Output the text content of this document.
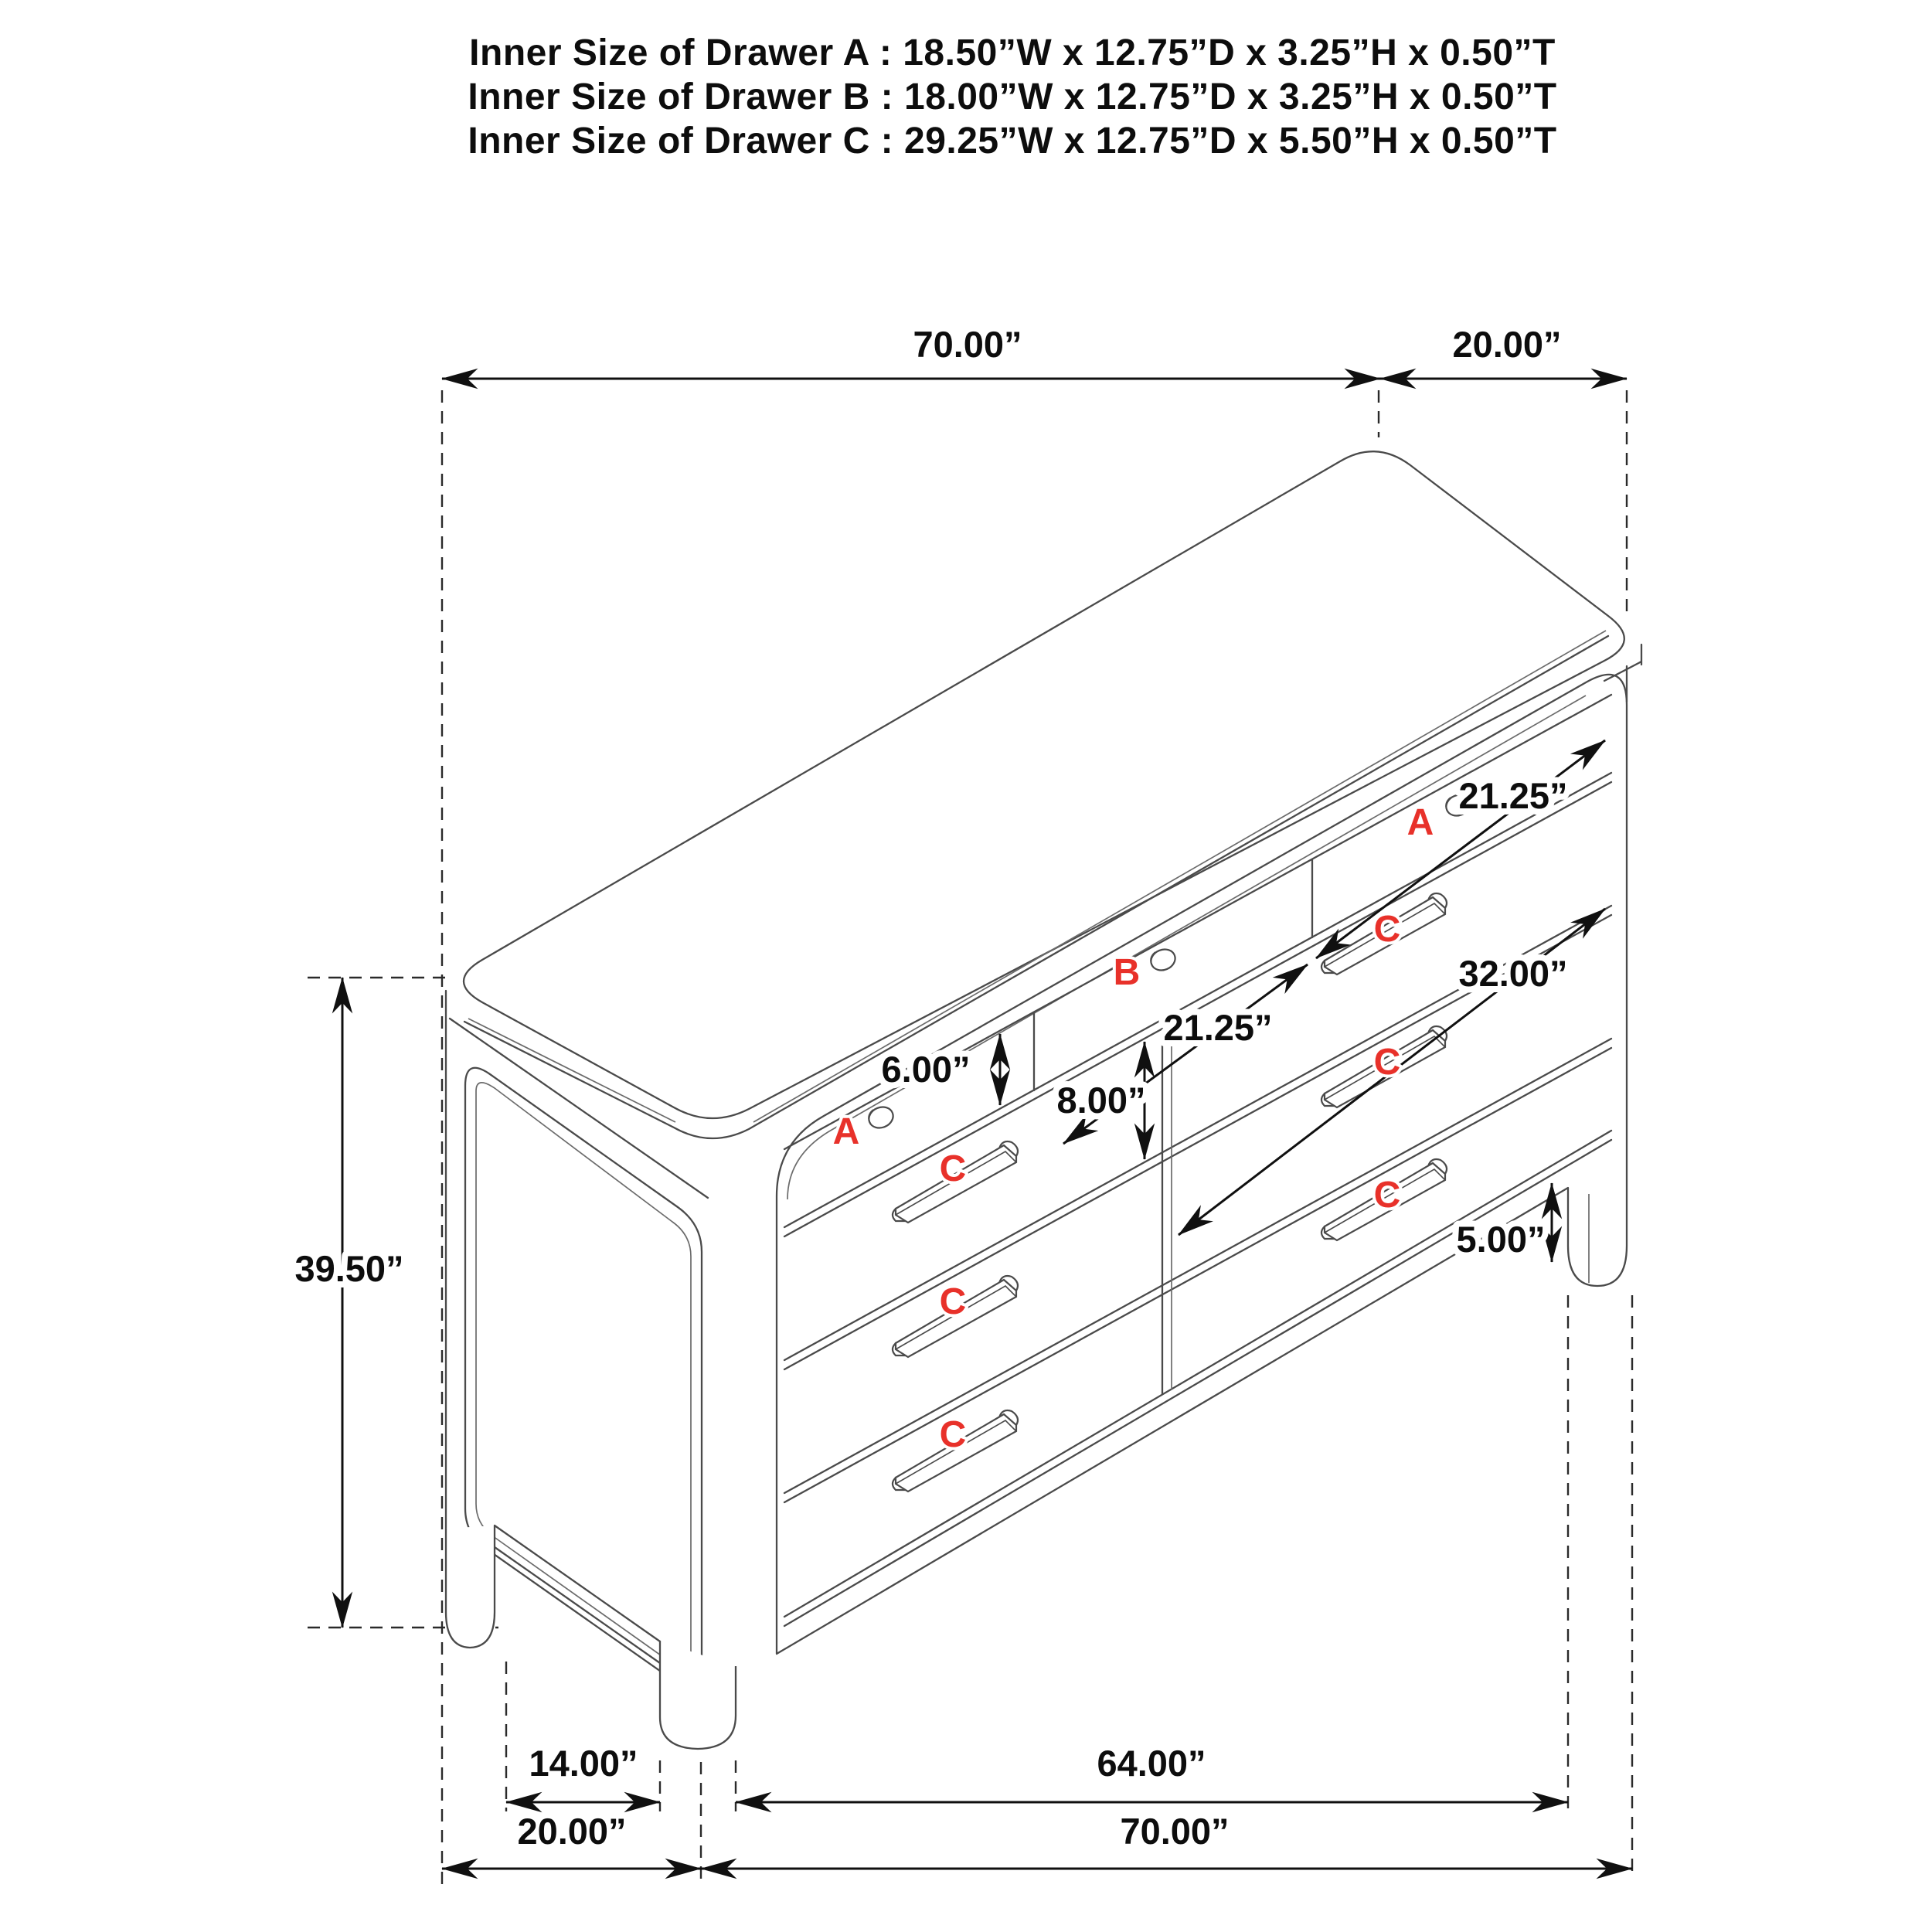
Inner Size of Drawer A : 18.50”W x 12.75”D x 3.25”H x 0.50”T
Inner Size of Drawer B : 18.00”W x 12.75”D x 3.25”H x 0.50”T
Inner Size of Drawer C : 29.25”W x 12.75”D x 5.50”H x 0.50”T
70.00”	20.00”
39.50”
21.25”
21.25”
32.00”
6.00”
8.00”
5.00”
14.00”	64.00”
20.00”	70.00”
A
B
A
C
C
C
C
C
C
